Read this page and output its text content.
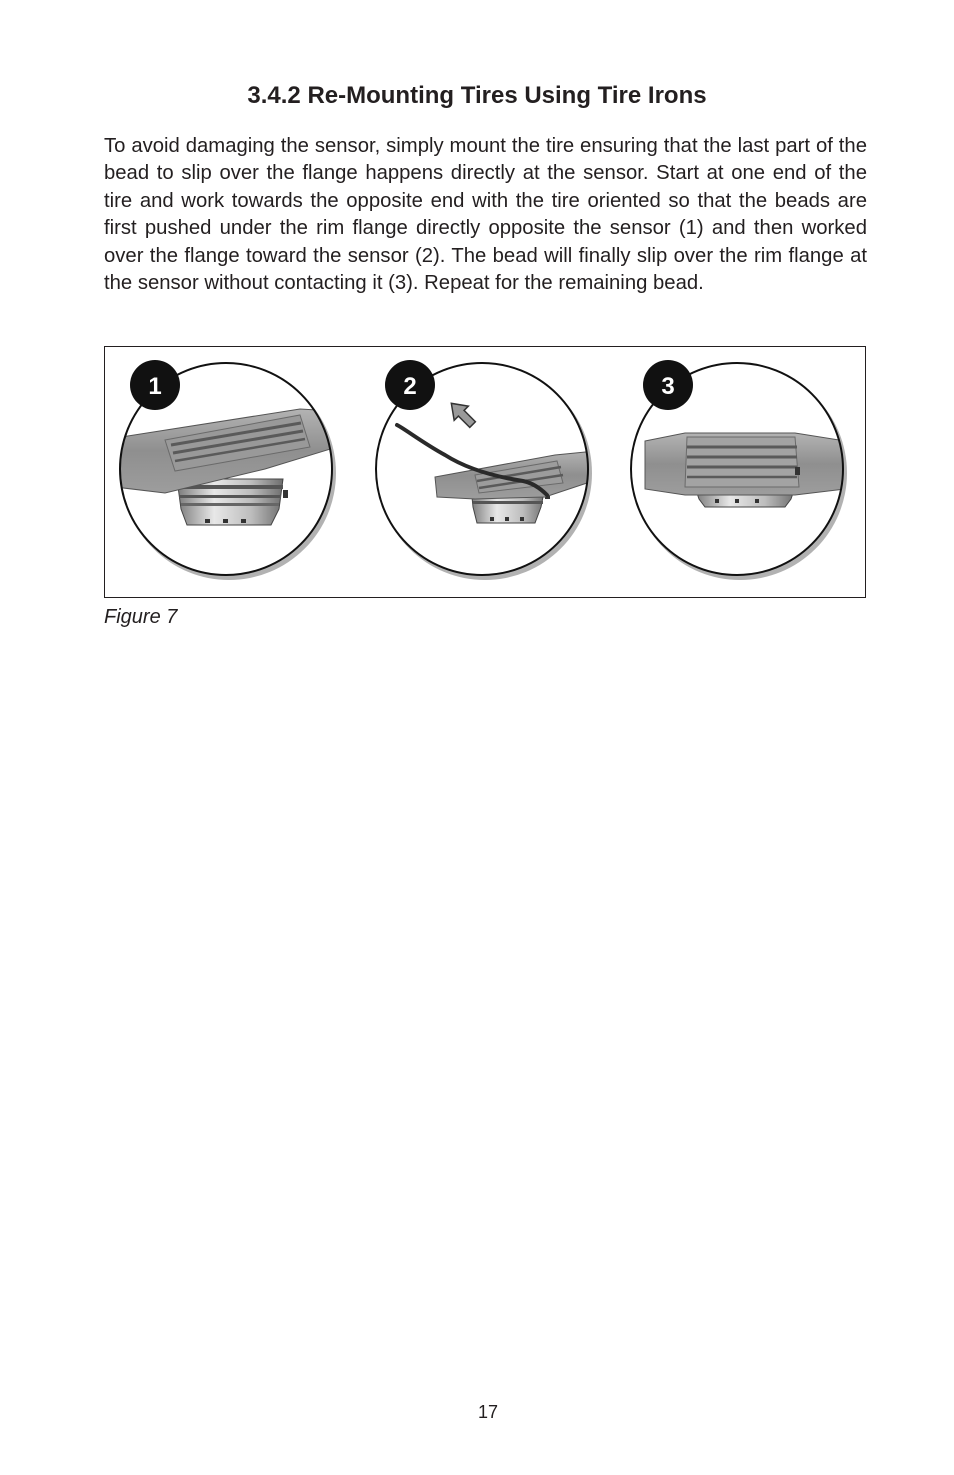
3.4.2 Re-Mounting Tires Using Tire Irons

To avoid damaging the sensor, simply mount the tire ensuring that the last part of the bead to slip over the flange happens directly at the sensor. Start at one end of the tire and work towards the opposite end with the tire oriented so that the beads are first pushed under the rim flange directly opposite the sensor (1) and then worked over the flange toward the sensor (2). The bead will finally slip over the rim flange at the sensor without contacting it (3). Repeat for the remaining bead.

1	2	3

Figure 7

17
